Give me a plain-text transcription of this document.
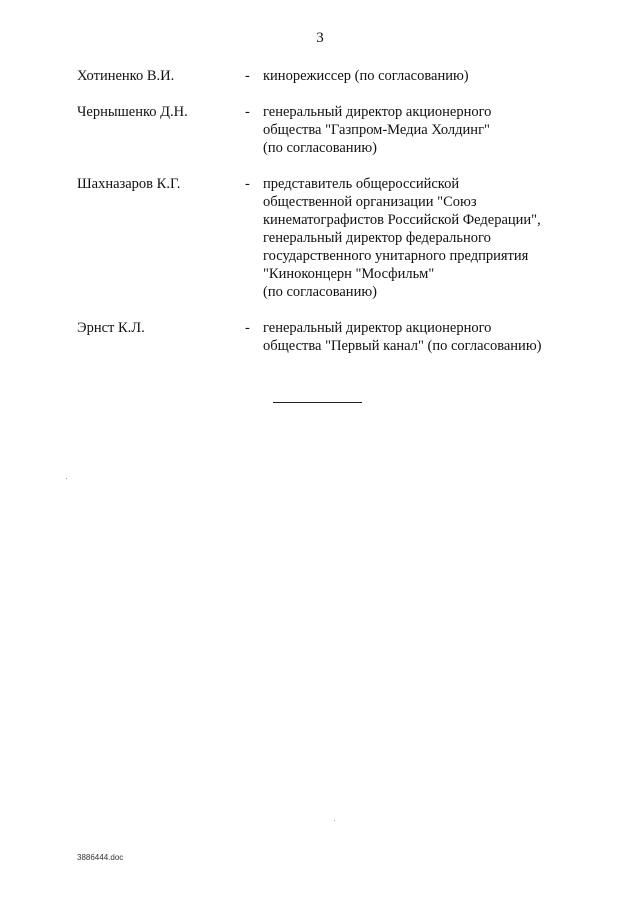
3
Хотиненко В.И.	- кинорежиссер (по согласованию)
Чернышенко Д.Н.	- генеральный директор акционерного
общества "Газпром-Медиа Холдинг"
(по согласованию)
Шахназаров К.Г.	- представитель общероссийской
общественной организации "Союз
кинематографистов Российской Федерации",
генеральный директор федерального
государственного унитарного предприятия
"Киноконцерн "Мосфильм"
(по согласованию)
Эрнст К.Л.	- генеральный директор акционерного
общества "Первый канал" (по согласованию)
3886444.doc
